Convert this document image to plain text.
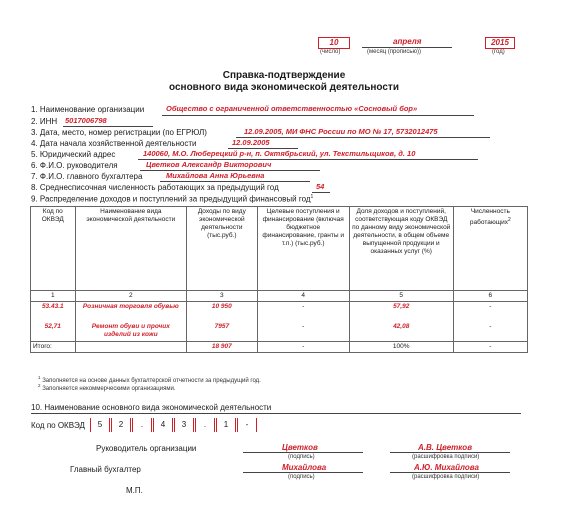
10
(число)
апреля
(месяц (прописью))
2015
(год)
Справка-подтверждение
основного вида экономической деятельности
1. Наименование организации	Общество с ограниченной ответственностью «Сосновый бор»
2. ИНН 5017006798
3. Дата, место, номер регистрации (по ЕГРЮЛ)	12.09.2005, МИ ФНС России по МО № 17, 5732012475
4. Дата начала хозяйственной деятельности	12.09.2005
5. Юридический адрес	140060, М.О. Люберецкий р-н, п. Октябрьский, ул. Текстильщиков, д. 10
6. Ф.И.О. руководителя	Цветков Александр Викторович
7. Ф.И.О. главного бухгалтера	Михайлова Анна Юрьевна
8. Среднесписочная численность работающих за предыдущий год	54
9. Распределение доходов и поступлений за предыдущий финансовый год$^1$
Код по ОКВЭД	Наименование вида экономической деятельности	Доходы по виду экономической деятельности (тыс.руб.)	Целевые поступления и финансирование (включая бюджетное финансирование, гранты и т.п.) (тыс.руб.)	Доля доходов и поступлений, соответствующая коду ОКВЭД по данному виду экономической деятельности, в общем объеме выпущенной продукции и оказанных услуг (%)	Численность работающих$^2$
1	2	3	4	5	6
53.43.1	Розничная торговля обувью	10 950	-	57,92	-
52,71	Ремонт обуви и прочих изделий из кожи	7957	-	42,08	-
Итого:		18 907	-	100%	-
$^1$ Заполняется на основе данных бухгалтерской отчетности за предыдущий год.
$^2$ Заполняется некоммерческими организациями.
10. Наименование основного вида экономической деятельности
Код по ОКВЭД	5	2	.	4	3	.	1	-
Руководитель организации	Цветков
(подпись)
А.В. Цветков
(расшифровка подписи)
Главный бухгалтер	Михайлова
(подпись)
А.Ю. Михайлова
(расшифровка подписи)
М.П.
